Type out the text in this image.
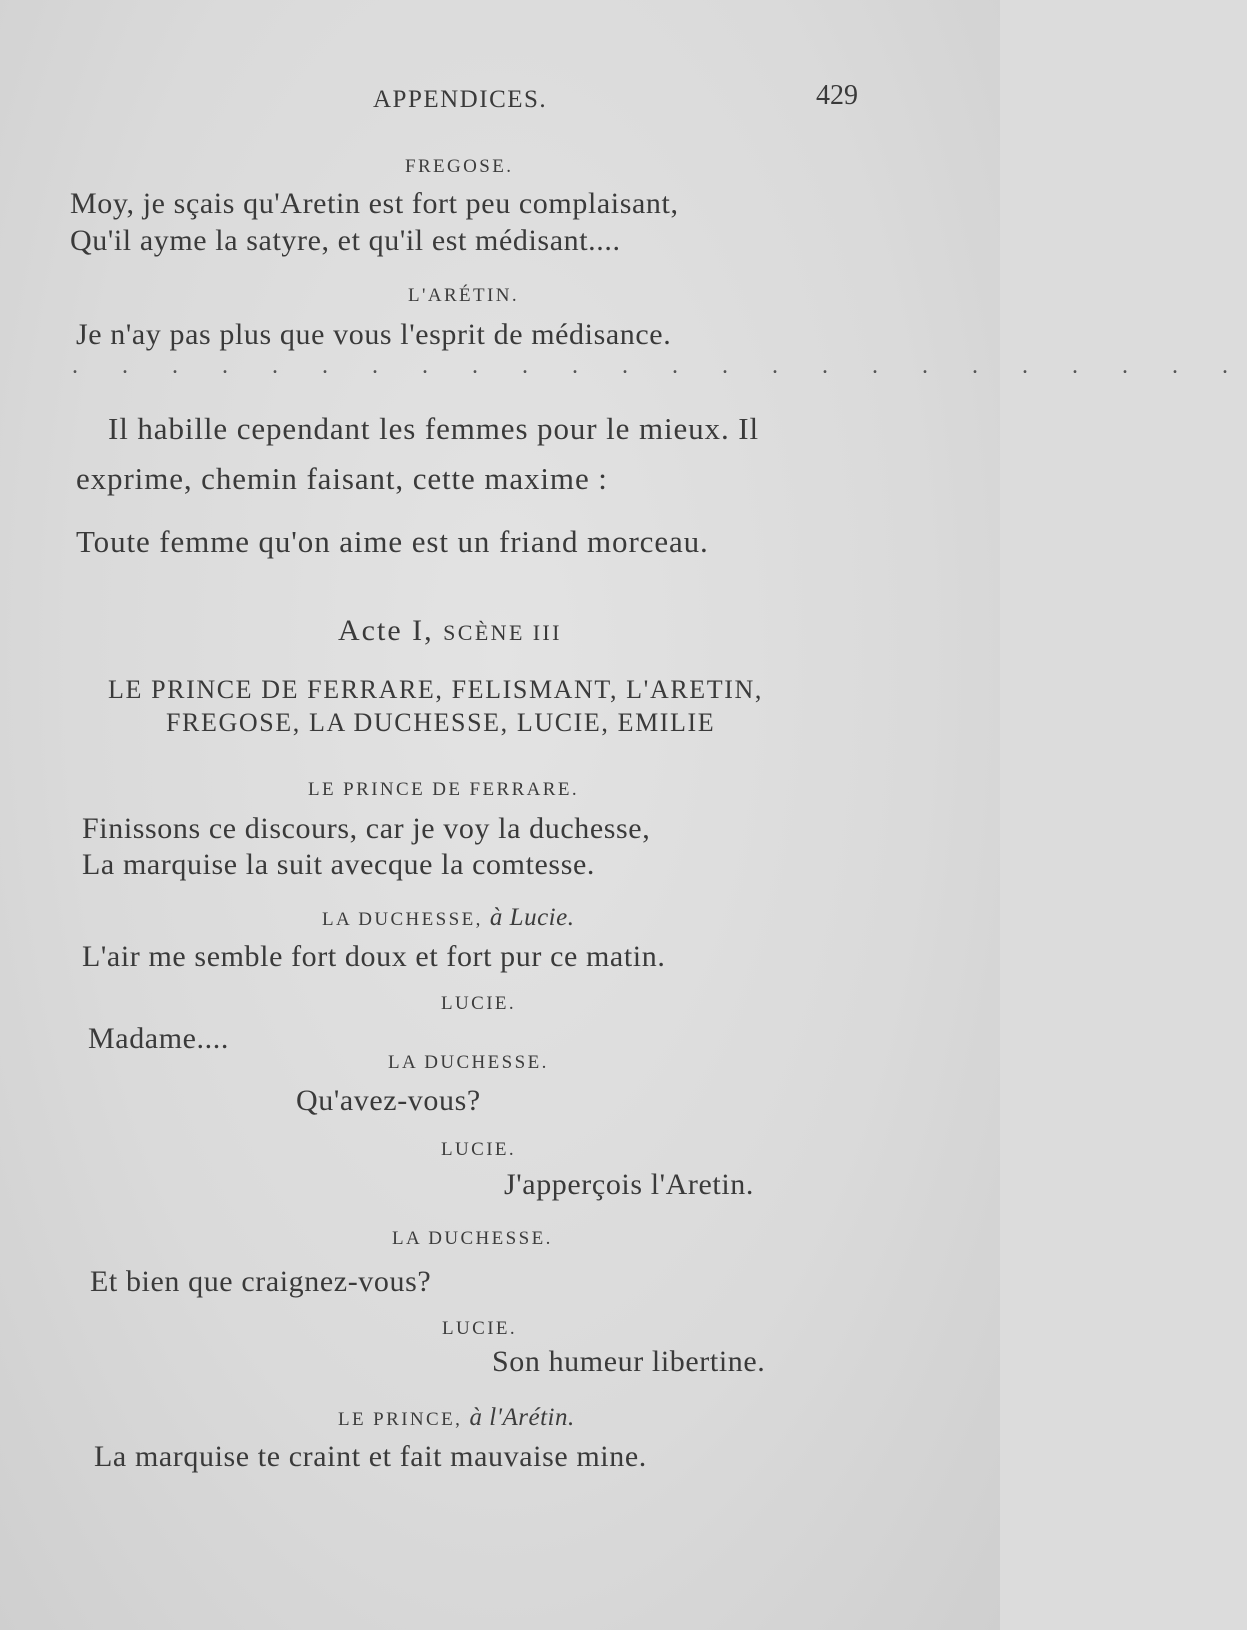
APPENDICES.	429
FREGOSE.
Moy, je sçais qu'Aretin est fort peu complaisant,
Qu'il ayme la satyre, et qu'il est médisant....
L'ARÉTIN.
Je n'ay pas plus que vous l'esprit de médisance.
. . . . . . . . . . . . . . . . . . . . . . . .
Il habille cependant les femmes pour le mieux. Il
exprime, chemin faisant, cette maxime :
Toute femme qu'on aime est un friand morceau.
Acte I, SCÈNE III
LE PRINCE DE FERRARE, FELISMANT, L'ARETIN,
FREGOSE, LA DUCHESSE, LUCIE, EMILIE
LE PRINCE DE FERRARE.
Finissons ce discours, car je voy la duchesse,
La marquise la suit avecque la comtesse.
LA DUCHESSE, à Lucie.
L'air me semble fort doux et fort pur ce matin.
LUCIE.
Madame....
LA DUCHESSE.
Qu'avez-vous?
LUCIE.
J'apperçois l'Aretin.
LA DUCHESSE.
Et bien que craignez-vous?
LUCIE.
Son humeur libertine.
LE PRINCE, à l'Arétin.
La marquise te craint et fait mauvaise mine.
